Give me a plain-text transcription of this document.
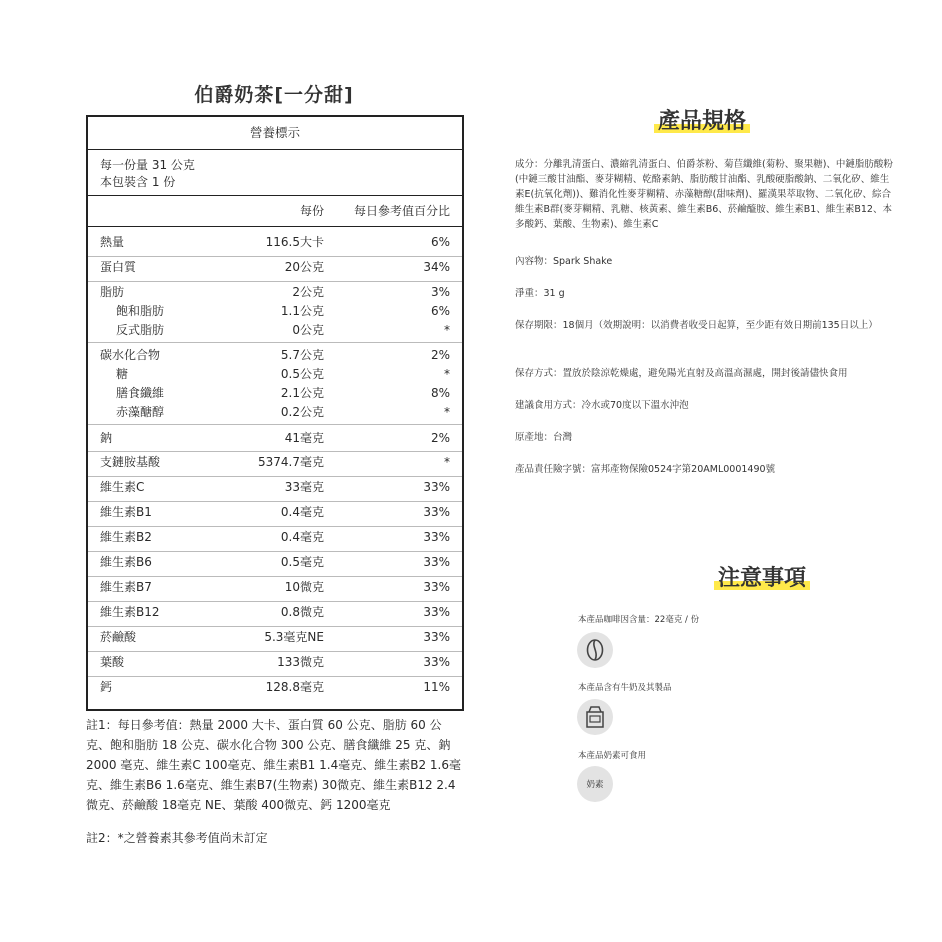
伯爵奶茶[一分甜]
營養標示
每一份量 31 公克
本包裝含 1 份
每份 每日參考值百分比
熱量	116.5大卡	6%
蛋白質	20公克	34%
脂肪	2公克	3%
飽和脂肪	1.1公克	6%
反式脂肪	0公克	*
碳水化合物	5.7公克	2%
糖	0.5公克	*
膳食纖維	2.1公克	8%
赤藻醣醇	0.2公克	*
鈉	41毫克	2%
支鏈胺基酸	5374.7毫克	*
維生素C	33毫克	33%
維生素B1	0.4毫克	33%
維生素B2	0.4毫克	33%
維生素B6	0.5毫克	33%
維生素B7	10微克	33%
維生素B12	0.8微克	33%
菸鹼酸	5.3毫克NE	33%
葉酸	133微克	33%
鈣	128.8毫克	11%
註1：每日參考值：熱量 2000 大卡、蛋白質 60 公克、脂肪 60 公克、飽和脂肪 18 公克、碳水化合物 300 公克、膳食纖維 25 克、鈉 2000 毫克、維生素C 100毫克、維生素B1 1.4毫克、維生素B2 1.6毫克、維生素B6 1.6毫克、維生素B7(生物素) 30微克、維生素B12 2.4微克、菸鹼酸 18毫克 NE、葉酸 400微克、鈣 1200毫克
註2：*之營養素其參考值尚未訂定
產品規格
成分：分離乳清蛋白、濃縮乳清蛋白、伯爵茶粉、菊苣纖維(菊粉、聚果糖)、中鏈脂肪酸粉(中鏈三酸甘油酯、麥芽糊精、乾酪素鈉、脂肪酸甘油酯、乳酸硬脂酸鈉、二氧化矽、維生素E(抗氧化劑))、難消化性麥芽糊精、赤藻糖醇(甜味劑)、羅漢果萃取物、二氧化矽、綜合維生素B群(麥芽糊精、乳糖、核黃素、維生素B6、菸鹼醯胺、維生素B1、維生素B12、本多酸鈣、葉酸、生物素)、維生素C
內容物：Spark Shake
淨重：31 g
保存期限：18個月（效期說明：以消費者收受日起算，至少距有效日期前135日以上）
保存方式：置放於陰涼乾燥處，避免陽光直射及高溫高濕處，開封後請儘快食用
建議食用方式：冷水或70度以下溫水沖泡
原產地：台灣
產品責任險字號：富邦產物保險0524字第20AML0001490號
注意事項
本產品咖啡因含量：22毫克 / 份
本產品含有牛奶及其製品
本產品奶素可食用
奶素
